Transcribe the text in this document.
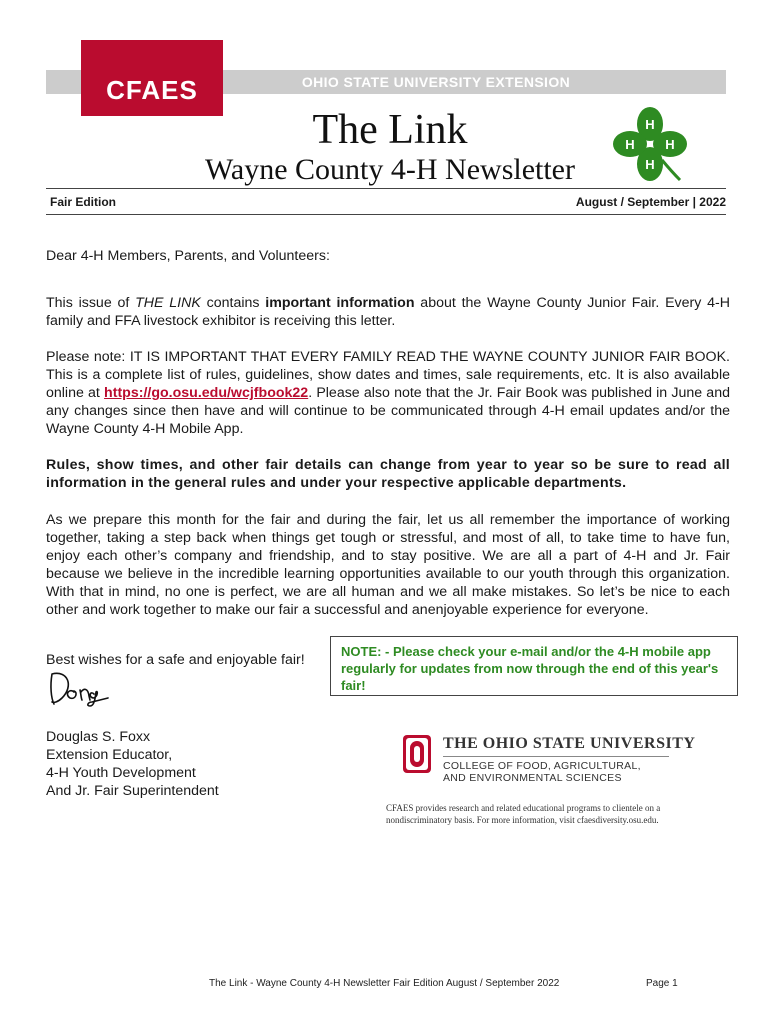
OHIO STATE UNIVERSITY EXTENSION
CFAES
The Link
Wayne County 4-H Newsletter
H
H
H H
Fair Edition	August / September | 2022
Dear 4-H Members, Parents, and Volunteers:
This issue of THE LINK contains important information about the Wayne County Junior Fair. Every 4-H family and FFA livestock exhibitor is receiving this letter.
Please note: IT IS IMPORTANT THAT EVERY FAMILY READ THE WAYNE COUNTY JUNIOR FAIR BOOK. This is a complete list of rules, guidelines, show dates and times, sale requirements, etc. It is also available online at https://go.osu.edu/wcjfbook22. Please also note that the Jr. Fair Book was published in June and any changes since then have and will continue to be communicated through 4-H email updates and/or the Wayne County 4-H Mobile App.
Rules, show times, and other fair details can change from year to year so be sure to read all information in the general rules and under your respective applicable departments.
As we prepare this month for the fair and during the fair, let us all remember the importance of working together, taking a step back when things get tough or stressful, and most of all, to take time to have fun, enjoy each other’s company and friendship, and to stay positive. We are all a part of 4-H and Jr. Fair because we believe in the incredible learning opportunities available to our youth through this organization. With that in mind, no one is perfect, we are all human and we all make mistakes. So let’s be nice to each other and work together to make our fair a successful and anenjoyable experience for everyone.
Best wishes for a safe and enjoyable fair!
NOTE: - Please check your e-mail and/or the 4-H mobile app regularly for updates from now through the end of this year's fair!
Douglas S. Foxx
Extension Educator,
4-H Youth Development
And Jr. Fair Superintendent
THE OHIO STATE UNIVERSITY
COLLEGE OF FOOD, AGRICULTURAL,
AND ENVIRONMENTAL SCIENCES
CFAES provides research and related educational programs to clientele on a nondiscriminatory basis. For more information, visit cfaesdiversity.osu.edu.
The Link - Wayne County 4-H Newsletter Fair Edition August / September 2022	Page 1
